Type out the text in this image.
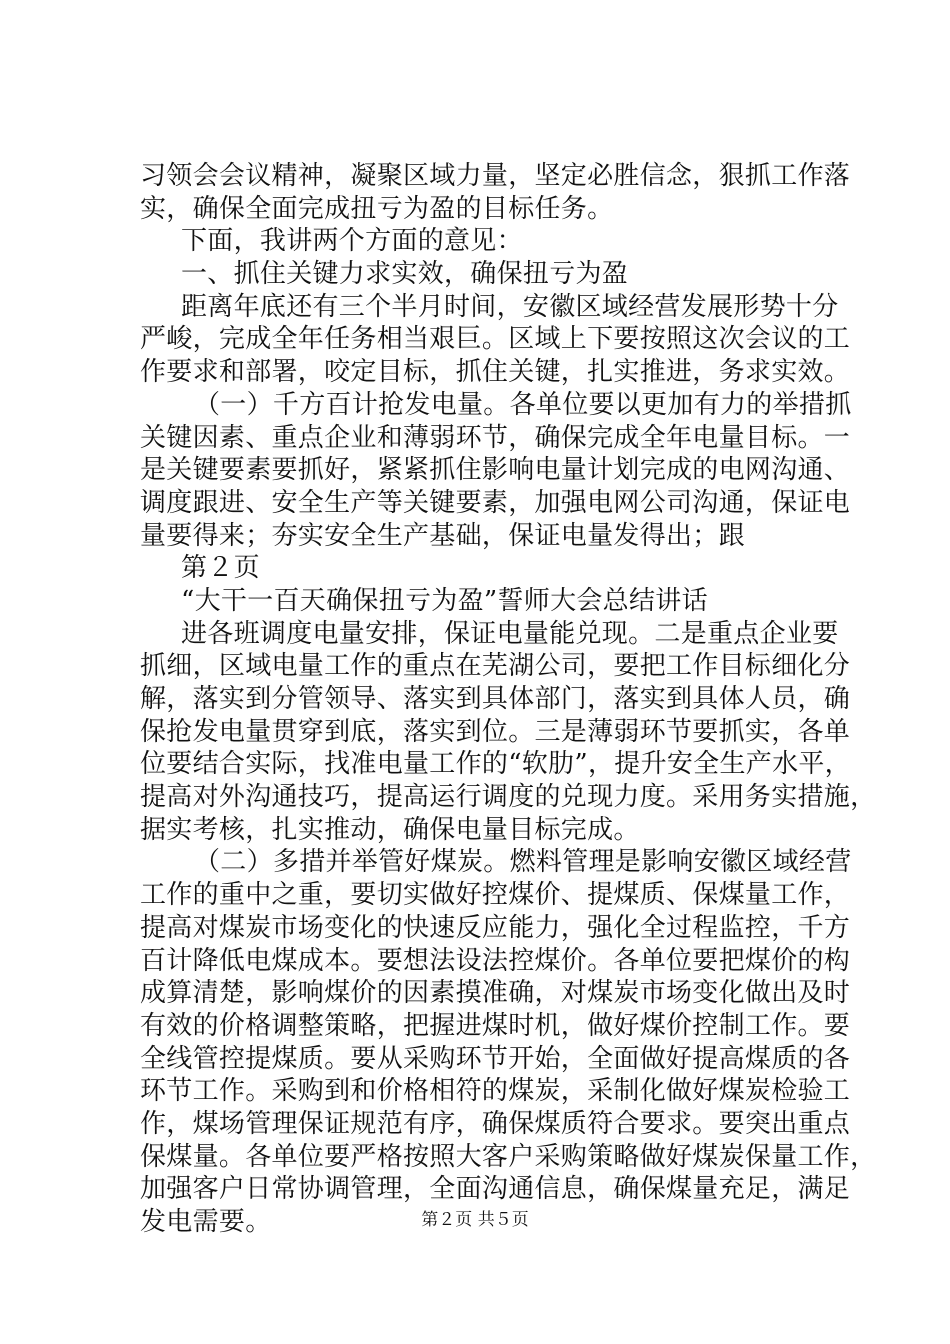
习领会会议精神，凝聚区域力量，坚定必胜信念，狠抓工作落
实，确保全面完成扭亏为盈的目标任务。
下面，我讲两个方面的意见：
一、抓住关键力求实效，确保扭亏为盈
距离年底还有三个半月时间，安徽区域经营发展形势十分
严峻，完成全年任务相当艰巨。区域上下要按照这次会议的工
作要求和部署，咬定目标，抓住关键，扎实推进，务求实效。
（一）千方百计抢发电量。各单位要以更加有力的举措抓
关键因素、重点企业和薄弱环节，确保完成全年电量目标。一
是关键要素要抓好，紧紧抓住影响电量计划完成的电网沟通、
调度跟进、安全生产等关键要素，加强电网公司沟通，保证电
量要得来；夯实安全生产基础，保证电量发得出；跟
第２页
“大干一百天确保扭亏为盈”誓师大会总结讲话
进各班调度电量安排，保证电量能兑现。二是重点企业要
抓细，区域电量工作的重点在芜湖公司，要把工作目标细化分
解，落实到分管领导、落实到具体部门，落实到具体人员，确
保抢发电量贯穿到底，落实到位。三是薄弱环节要抓实，各单
位要结合实际，找准电量工作的“软肋”，提升安全生产水平，
提高对外沟通技巧，提高运行调度的兑现力度。采用务实措施，
据实考核，扎实推动，确保电量目标完成。
（二）多措并举管好煤炭。燃料管理是影响安徽区域经营
工作的重中之重，要切实做好控煤价、提煤质、保煤量工作，
提高对煤炭市场变化的快速反应能力，强化全过程监控，千方
百计降低电煤成本。要想法设法控煤价。各单位要把煤价的构
成算清楚，影响煤价的因素摸准确，对煤炭市场变化做出及时
有效的价格调整策略，把握进煤时机，做好煤价控制工作。要
全线管控提煤质。要从采购环节开始，全面做好提高煤质的各
环节工作。采购到和价格相符的煤炭，采制化做好煤炭检验工
作，煤场管理保证规范有序，确保煤质符合要求。要突出重点
保煤量。各单位要严格按照大客户采购策略做好煤炭保量工作，
加强客户日常协调管理，全面沟通信息，确保煤量充足，满足
发电需要。	第２页 共５页
